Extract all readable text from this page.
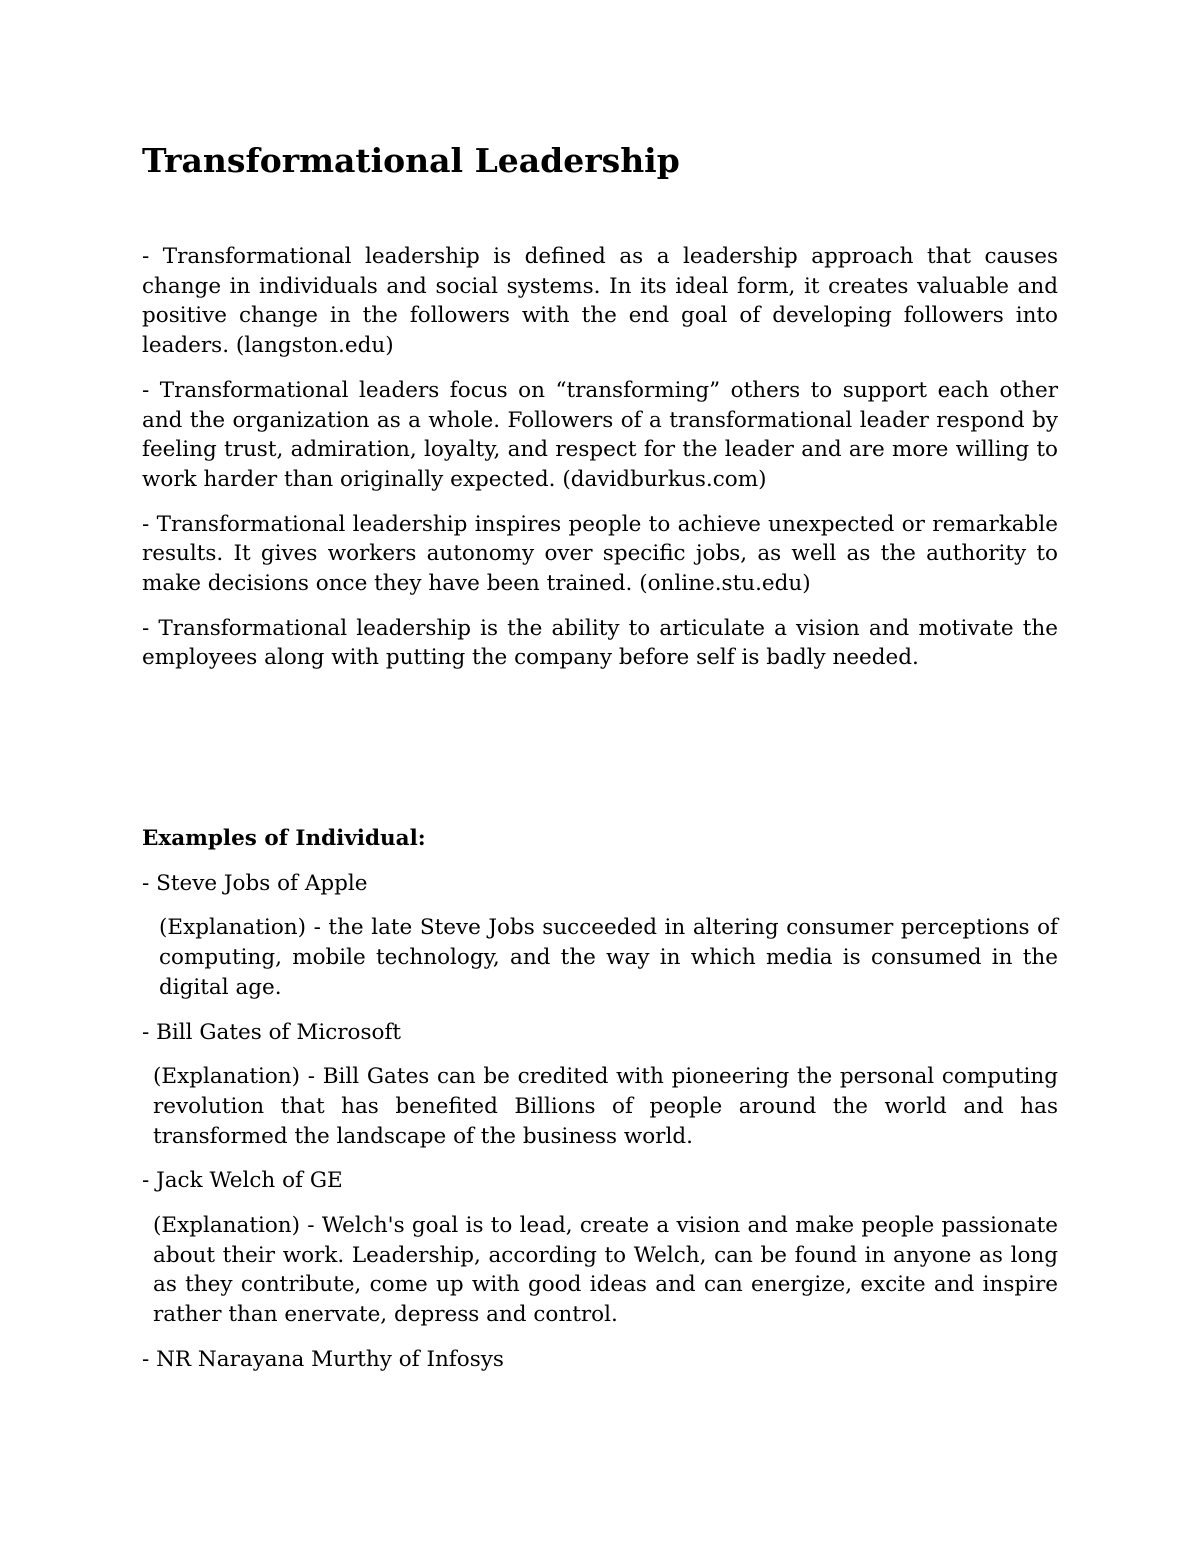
Transformational Leadership

- Transformational leadership is defined as a leadership approach that causes change in individuals and social systems. In its ideal form, it creates valuable and positive change in the followers with the end goal of developing followers into leaders. (langston.edu)

- Transformational leaders focus on “transforming” others to support each other and the organization as a whole. Followers of a transformational leader respond by feeling trust, admiration, loyalty, and respect for the leader and are more willing to work harder than originally expected. (davidburkus.com)

- Transformational leadership inspires people to achieve unexpected or remarkable results. It gives workers autonomy over specific jobs, as well as the authority to make decisions once they have been trained. (online.stu.edu)

- Transformational leadership is the ability to articulate a vision and motivate the employees along with putting the company before self is badly needed.

Examples of Individual:

- Steve Jobs of Apple

(Explanation) - the late Steve Jobs succeeded in altering consumer perceptions of computing, mobile technology, and the way in which media is consumed in the digital age.

- Bill Gates of Microsoft

(Explanation) - Bill Gates can be credited with pioneering the personal computing revolution that has benefited Billions of people around the world and has transformed the landscape of the business world.

- Jack Welch of GE

(Explanation) - Welch's goal is to lead, create a vision and make people passionate about their work. Leadership, according to Welch, can be found in anyone as long as they contribute, come up with good ideas and can energize, excite and inspire rather than enervate, depress and control.

- NR Narayana Murthy of Infosys
